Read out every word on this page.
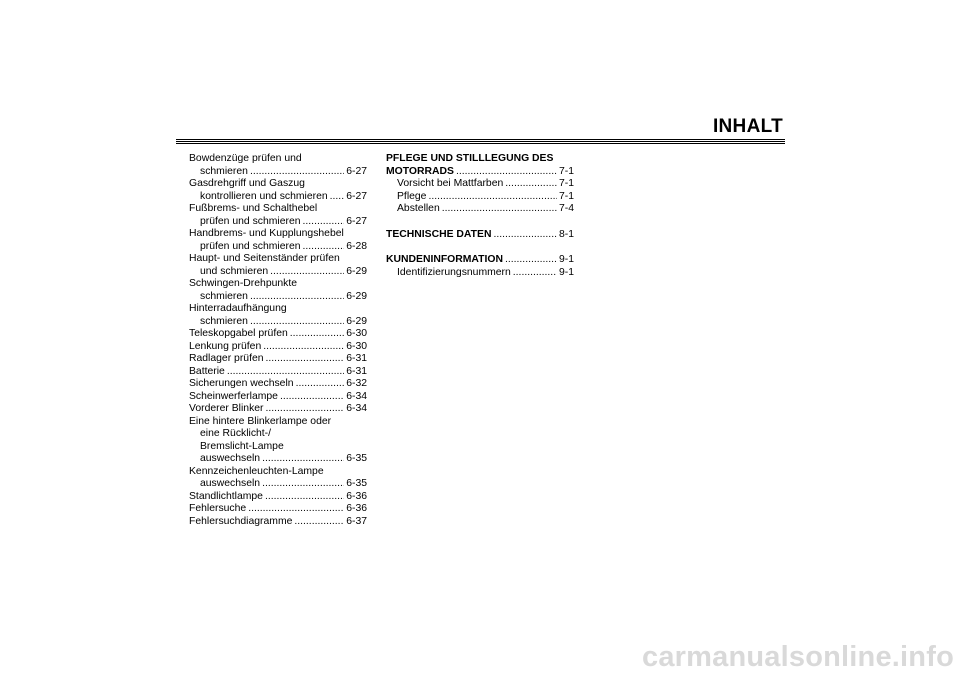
INHALT
Bowdenzüge prüfen und
schmieren .....	6-27
Gasdrehgriff und Gaszug
kontrollieren und schmieren ..... 6-27
Fußbrems- und Schalthebel
prüfen und schmieren .....	6-27
Handbrems- und Kupplungshebel
prüfen und schmieren .....	6-28
Haupt- und Seitenständer prüfen
und schmieren .....	6-29
Schwingen-Drehpunkte
schmieren .....	6-29
Hinterradaufhängung
schmieren .....	6-29
Teleskopgabel prüfen .....	6-30
Lenkung prüfen .....	6-30
Radlager prüfen .....	6-31
Batterie .....	6-31
Sicherungen wechseln .....	6-32
Scheinwerferlampe .....	6-34
Vorderer Blinker .....	6-34
Eine hintere Blinkerlampe oder
eine Rücklicht-/
Bremslicht-Lampe
auswechseln .....	6-35
Kennzeichenleuchten-Lampe
auswechseln .....	6-35
Standlichtlampe .....	6-36
Fehlersuche .....	6-36
Fehlersuchdiagramme .....	6-37
PFLEGE UND STILLLEGUNG DES
MOTORRADS .....	7-1
Vorsicht bei Mattfarben .....	7-1
Pflege .....	7-1
Abstellen .....	7-4
TECHNISCHE DATEN .....	8-1
KUNDENINFORMATION .....	9-1
Identifizierungsnummern .....	9-1
carmanualsonline.info
